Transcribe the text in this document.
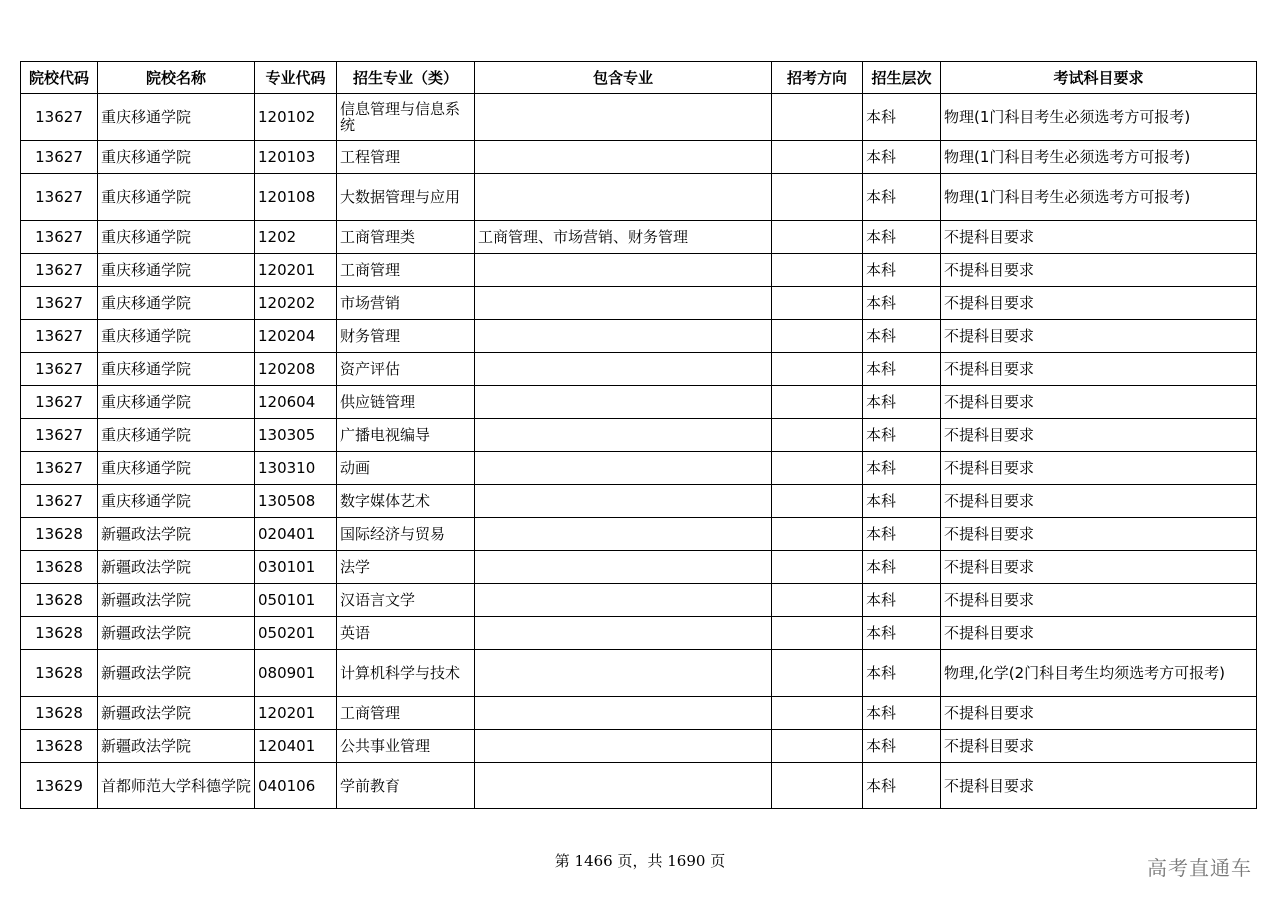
院校代码	院校名称	专业代码	招生专业（类）	包含专业	招考方向	招生层次	考试科目要求
13627	重庆移通学院	120102	信息管理与信息系统			本科	物理(1门科目考生必须选考方可报考)
13627	重庆移通学院	120103	工程管理			本科	物理(1门科目考生必须选考方可报考)
13627	重庆移通学院	120108	大数据管理与应用			本科	物理(1门科目考生必须选考方可报考)
13627	重庆移通学院	1202	工商管理类	工商管理、市场营销、财务管理		本科	不提科目要求
13627	重庆移通学院	120201	工商管理			本科	不提科目要求
13627	重庆移通学院	120202	市场营销			本科	不提科目要求
13627	重庆移通学院	120204	财务管理			本科	不提科目要求
13627	重庆移通学院	120208	资产评估			本科	不提科目要求
13627	重庆移通学院	120604	供应链管理			本科	不提科目要求
13627	重庆移通学院	130305	广播电视编导			本科	不提科目要求
13627	重庆移通学院	130310	动画			本科	不提科目要求
13627	重庆移通学院	130508	数字媒体艺术			本科	不提科目要求
13628	新疆政法学院	020401	国际经济与贸易			本科	不提科目要求
13628	新疆政法学院	030101	法学			本科	不提科目要求
13628	新疆政法学院	050101	汉语言文学			本科	不提科目要求
13628	新疆政法学院	050201	英语			本科	不提科目要求
13628	新疆政法学院	080901	计算机科学与技术			本科	物理,化学(2门科目考生均须选考方可报考)
13628	新疆政法学院	120201	工商管理			本科	不提科目要求
13628	新疆政法学院	120401	公共事业管理			本科	不提科目要求
13629	首都师范大学科德学院	040106	学前教育			本科	不提科目要求
第 1466 页，共 1690 页	高考直通车
